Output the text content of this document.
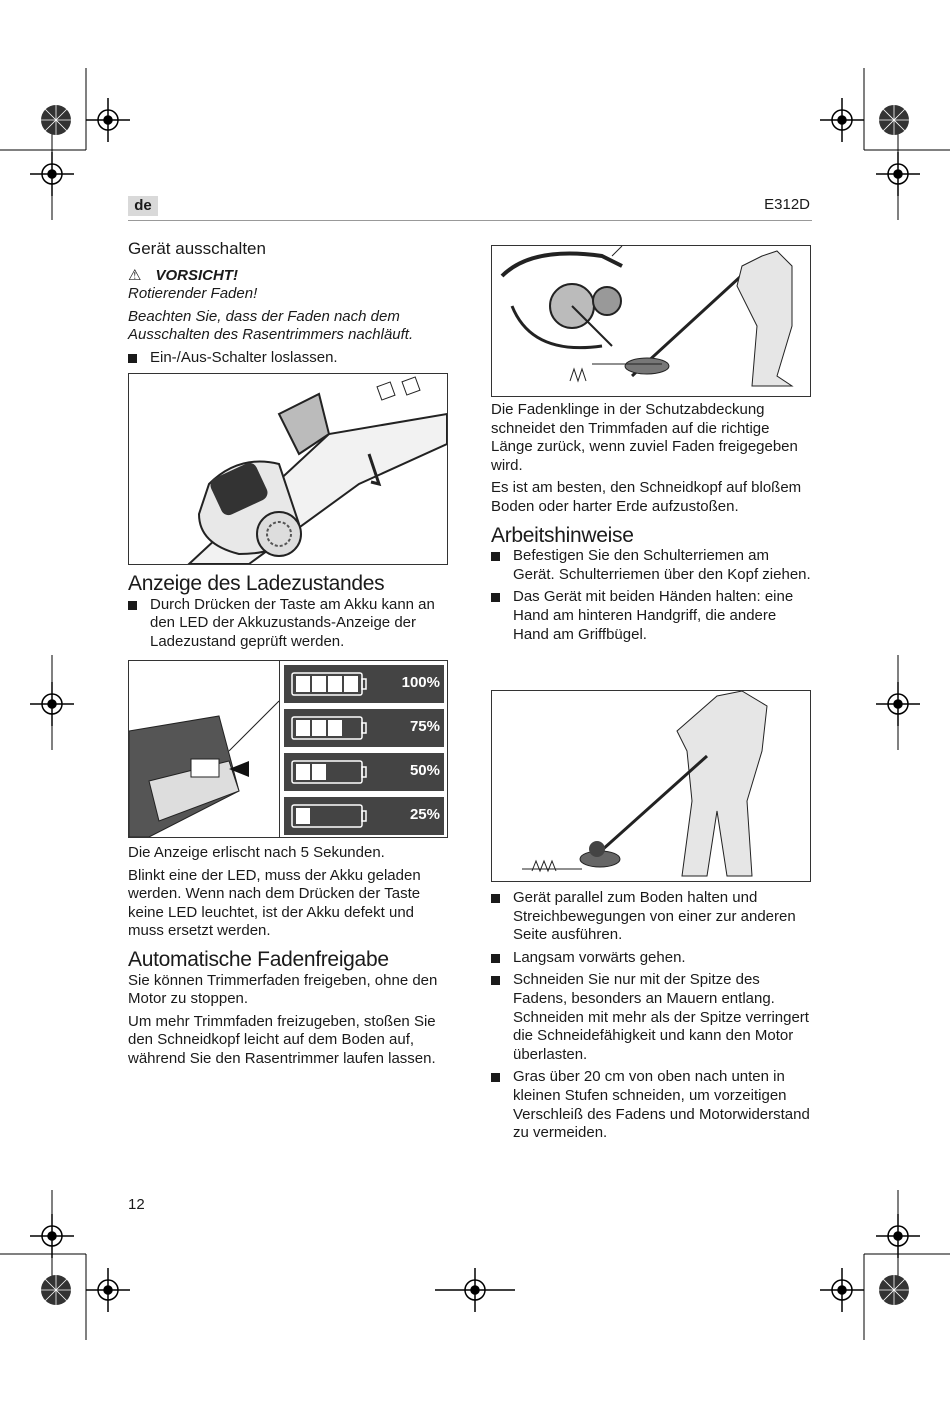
de	E312D
Gerät ausschalten
⚠ VORSICHT!

Rotierender Faden!

Beachten Sie, dass der Faden nach dem Ausschalten des Rasentrimmers nachläuft.

Ein-/Aus-Schalter loslassen.
Anzeige des Ladezustandes
Durch Drücken der Taste am Akku kann an den LED der Akkuzustands-Anzeige der Ladezustand geprüft werden.
100%
75%
50%
25%

Die Anzeige erlischt nach 5 Sekunden.

Blinkt eine der LED, muss der Akku geladen werden. Wenn nach dem Drücken der Taste keine LED leuchtet, ist der Akku defekt und muss ersetzt werden.

Automatische Fadenfreigabe

Sie können Trimmerfaden freigeben, ohne den Motor zu stoppen.

Um mehr Trimmfaden freizugeben, stoßen Sie den Schneidkopf leicht auf dem Boden auf, während Sie den Rasentrimmer laufen lassen.

Die Fadenklinge in der Schutzabdeckung schneidet den Trimmfaden auf die richtige Länge zurück, wenn zuviel Faden freigegeben wird.

Es ist am besten, den Schneidkopf auf bloßem Boden oder harter Erde aufzustoßen.

Arbeitshinweise
Befestigen Sie den Schulterriemen am Gerät. Schulterriemen über den Kopf ziehen.
Das Gerät mit beiden Händen halten: eine Hand am hinteren Handgriff, die andere Hand am Griffbügel.
Gerät parallel zum Boden halten und Streichbewegungen von einer zur anderen Seite ausführen.
Langsam vorwärts gehen.
Schneiden Sie nur mit der Spitze des Fadens, besonders an Mauern entlang. Schneiden mit mehr als der Spitze verringert die Schneidefähigkeit und kann den Motor überlasten.
Gras über 20 cm von oben nach unten in kleinen Stufen schneiden, um vorzeitigen Verschleiß des Fadens und Motorwiderstand zu vermeiden.
12
